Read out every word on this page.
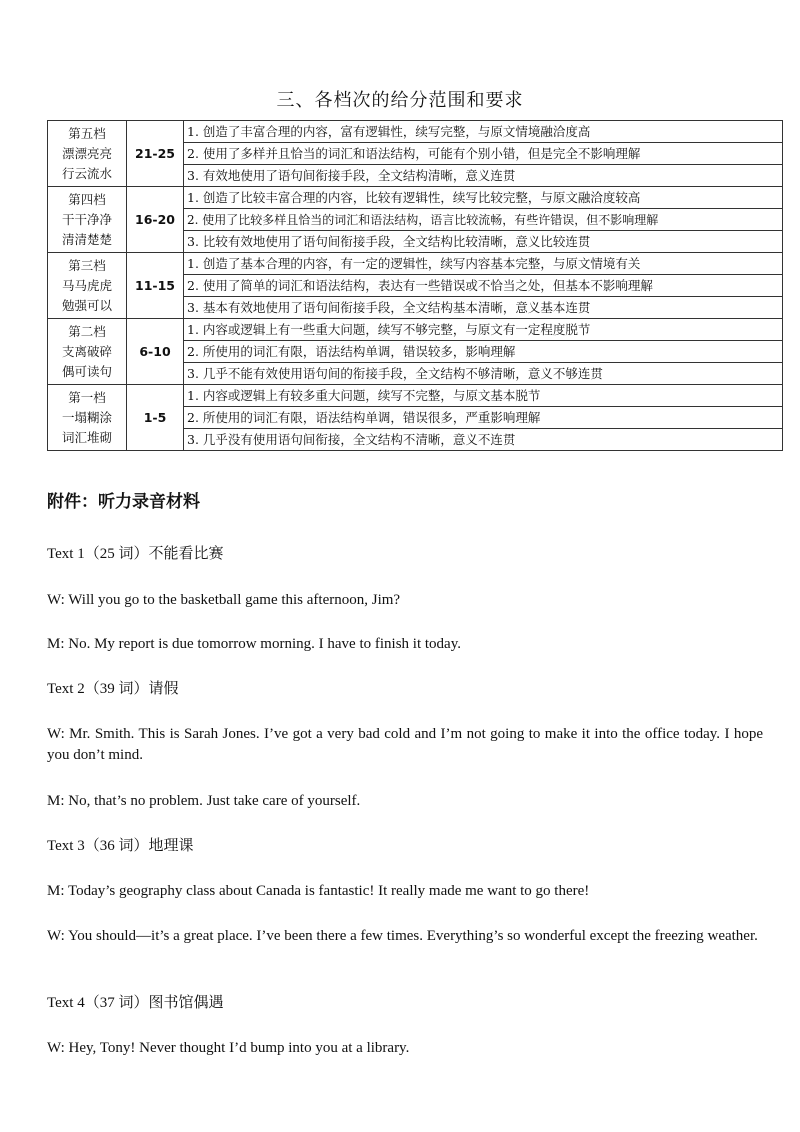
三、各档次的给分范围和要求
第五档
漂漂亮亮
行云流水	21-25	1. 创造了丰富合理的内容，富有逻辑性，续写完整，与原文情境融洽度高
		2. 使用了多样并且恰当的词汇和语法结构，可能有个别小错，但是完全不影响理解
		3. 有效地使用了语句间衔接手段，全文结构清晰，意义连贯

第四档
干干净净
清清楚楚	16-20	1. 创造了比较丰富合理的内容，比较有逻辑性，续写比较完整，与原文融洽度较高
		2. 使用了比较多样且恰当的词汇和语法结构，语言比较流畅，有些许错误，但不影响理解
		3. 比较有效地使用了语句间衔接手段，全文结构比较清晰，意义比较连贯

第三档
马马虎虎
勉强可以	11-15	1. 创造了基本合理的内容，有一定的逻辑性，续写内容基本完整，与原文情境有关
		2. 使用了简单的词汇和语法结构，表达有一些错误或不恰当之处，但基本不影响理解
		3. 基本有效地使用了语句间衔接手段，全文结构基本清晰，意义基本连贯

第二档
支离破碎
偶可读句	6-10	1. 内容或逻辑上有一些重大问题，续写不够完整，与原文有一定程度脱节
		2. 所使用的词汇有限，语法结构单调，错误较多，影响理解
		3. 几乎不能有效使用语句间的衔接手段，全文结构不够清晰，意义不够连贯

第一档
一塌糊涂
词汇堆砌	1-5	1. 内容或逻辑上有较多重大问题，续写不完整，与原文基本脱节
		2. 所使用的词汇有限，语法结构单调，错误很多，严重影响理解
		3. 几乎没有使用语句间衔接，全文结构不清晰，意义不连贯
附件：听力录音材料
Text 1（25 词）不能看比赛
W: Will you go to the basketball game this afternoon, Jim?
M: No. My report is due tomorrow morning. I have to finish it today.
Text 2（39 词）请假
W: Mr. Smith. This is Sarah Jones. I’ve got a very bad cold and I’m not going to make it into the office today. I hope you don’t mind.
M: No, that’s no problem. Just take care of yourself.
Text 3（36 词）地理课
M: Today’s geography class about Canada is fantastic! It really made me want to go there!
W: You should—it’s a great place. I’ve been there a few times. Everything’s so wonderful except the freezing weather.
Text 4（37 词）图书馆偶遇
W: Hey, Tony! Never thought I’d bump into you at a library.
